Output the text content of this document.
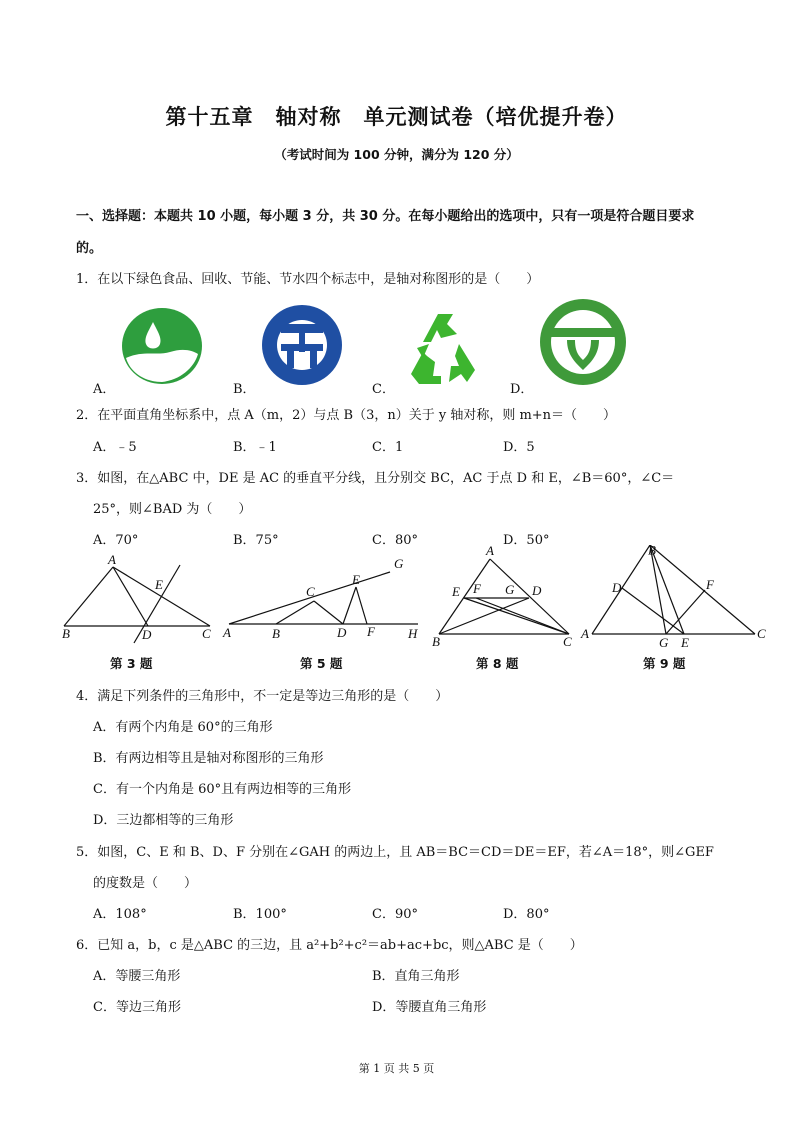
第十五章　轴对称　单元测试卷（培优提升卷）
（考试时间为 100 分钟，满分为 120 分）
一、选择题：本题共 10 小题，每小题 3 分，共 30 分。在每小题给出的选项中，只有一项是符合题目要求
的。
1．在以下绿色食品、回收、节能、节水四个标志中，是轴对称图形的是（　　）
A．	B．	C．	D．
2．在平面直角坐标系中，点 A（m，2）与点 B（3，n）关于 y 轴对称，则 m+n＝（　　）
A．﹣5	B．﹣1	C．1	D．5
3．如图，在△ABC 中，DE 是 AC 的垂直平分线，且分别交 BC，AC 于点 D 和 E，∠B＝60°，∠C＝
25°，则∠BAD 为（　　）
A．70°	B．75°	C．80°	D．50°
A
B	C
D
E
A	B
C
D
E
F
G
H
A
B	C
D
E F G
B
A	C
D
E
F
G
第 3 题	第 5 题	第 8 题	第 9 题
4．满足下列条件的三角形中，不一定是等边三角形的是（　　）
A．有两个内角是 60°的三角形
B．有两边相等且是轴对称图形的三角形
C．有一个内角是 60°且有两边相等的三角形
D．三边都相等的三角形
5．如图，C、E 和 B、D、F 分别在∠GAH 的两边上，且 AB＝BC＝CD＝DE＝EF，若∠A＝18°，则∠GEF
的度数是（　　）
A．108°	B．100°	C．90°	D．80°
6．已知 a，b，c 是△ABC 的三边，且 a²+b²+c²＝ab+ac+bc，则△ABC 是（　　）
A．等腰三角形	B．直角三角形
C．等边三角形	D．等腰直角三角形
第 1 页 共 5 页
